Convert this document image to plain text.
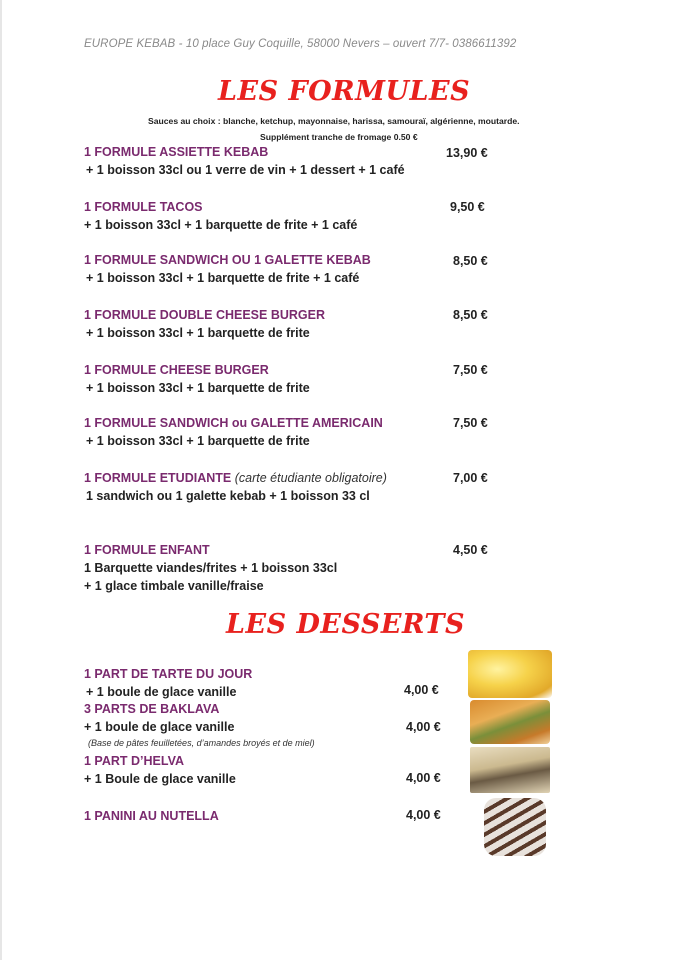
EUROPE KEBAB - 10 place Guy Coquille, 58000 Nevers – ouvert 7/7- 0386611392
LES FORMULES
Sauces au choix : blanche, ketchup, mayonnaise, harissa, samouraï, algérienne, moutarde.
Supplément tranche de fromage 0.50 €
1 FORMULE ASSIETTE KEBAB
+ 1 boisson 33cl ou 1 verre de vin + 1 dessert + 1 café
13,90 €
1 FORMULE TACOS
+ 1 boisson 33cl + 1 barquette de frite + 1 café
9,50 €
1 FORMULE SANDWICH OU 1 GALETTE KEBAB
+ 1 boisson 33cl + 1 barquette de frite + 1 café
8,50 €
1 FORMULE DOUBLE CHEESE BURGER
+ 1 boisson 33cl + 1 barquette de frite
8,50 €
1 FORMULE CHEESE BURGER
+ 1 boisson 33cl + 1 barquette de frite
7,50 €
1 FORMULE SANDWICH ou GALETTE AMERICAIN
+ 1 boisson 33cl + 1 barquette de frite
7,50 €
1 FORMULE ETUDIANTE (carte étudiante obligatoire)
1 sandwich ou 1 galette kebab + 1 boisson 33 cl
7,00 €
1 FORMULE ENFANT
1 Barquette viandes/frites + 1 boisson 33cl
+ 1 glace timbale vanille/fraise
4,50 €
LES DESSERTS
1 PART DE TARTE DU JOUR
+ 1 boule de glace vanille	4,00 €
3 PARTS DE BAKLAVA
+ 1 boule de glace vanille
(Base de pâtes feuilletées, d’amandes broyés et de miel)
4,00 €
1 PART D’HELVA
+ 1 Boule de glace vanille	4,00 €
1 PANINI AU NUTELLA	4,00 €
